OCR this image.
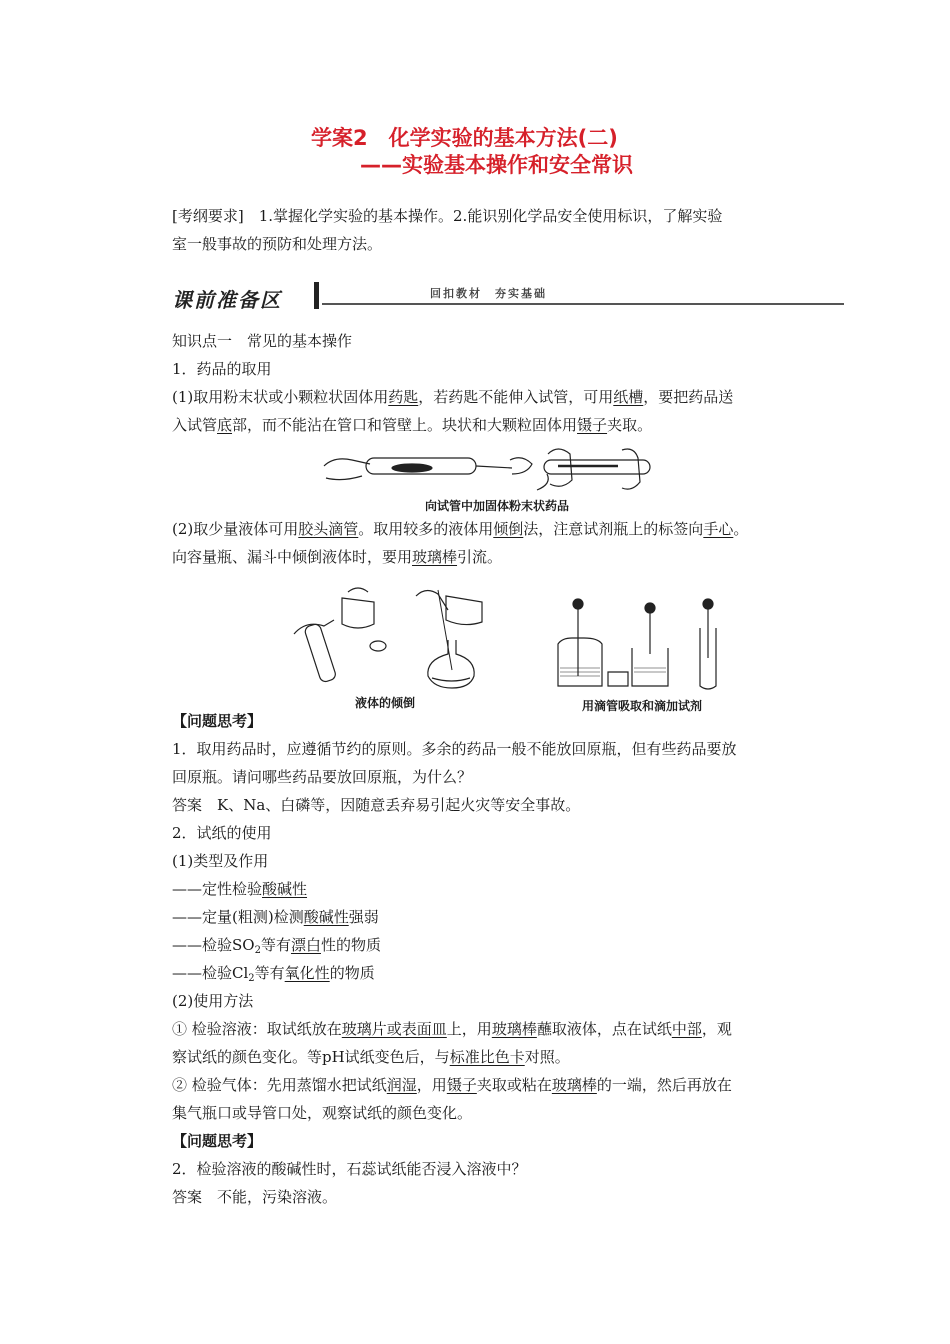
学案2　化学实验的基本方法(二)
——实验基本操作和安全常识
[考纲要求]　1.掌握化学实验的基本操作。2.能识别化学品安全使用标识，了解实验
室一般事故的预防和处理方法。
课前准备区	回扣教材　夯实基础
知识点一　常见的基本操作
1．药品的取用
(1)取用粉末状或小颗粒状固体用药匙，若药匙不能伸入试管，可用纸槽，要把药品送
入试管底部，而不能沾在管口和管壁上。块状和大颗粒固体用镊子夹取。
向试管中加固体粉末状药品
(2)取少量液体可用胶头滴管。取用较多的液体用倾倒法，注意试剂瓶上的标签向手心。
向容量瓶、漏斗中倾倒液体时，要用玻璃棒引流。
液体的倾倒	用滴管吸取和滴加试剂
【问题思考】
1．取用药品时，应遵循节约的原则。多余的药品一般不能放回原瓶，但有些药品要放
回原瓶。请问哪些药品要放回原瓶，为什么？
答案　K、Na、白磷等，因随意丢弃易引起火灾等安全事故。
2．试纸的使用
(1)类型及作用
——定性检验酸碱性
——定量(粗测)检测酸碱性强弱
——检验$SO_2$等有漂白性的物质
——检验$Cl_2$等有氧化性的物质
(2)使用方法
① 检验溶液：取试纸放在玻璃片或表面皿上，用玻璃棒蘸取液体，点在试纸中部，观
察试纸的颜色变化。等pH试纸变色后，与标准比色卡对照。
② 检验气体：先用蒸馏水把试纸润湿，用镊子夹取或粘在玻璃棒的一端，然后再放在
集气瓶口或导管口处，观察试纸的颜色变化。
【问题思考】
2．检验溶液的酸碱性时，石蕊试纸能否浸入溶液中？
答案　不能，污染溶液。
